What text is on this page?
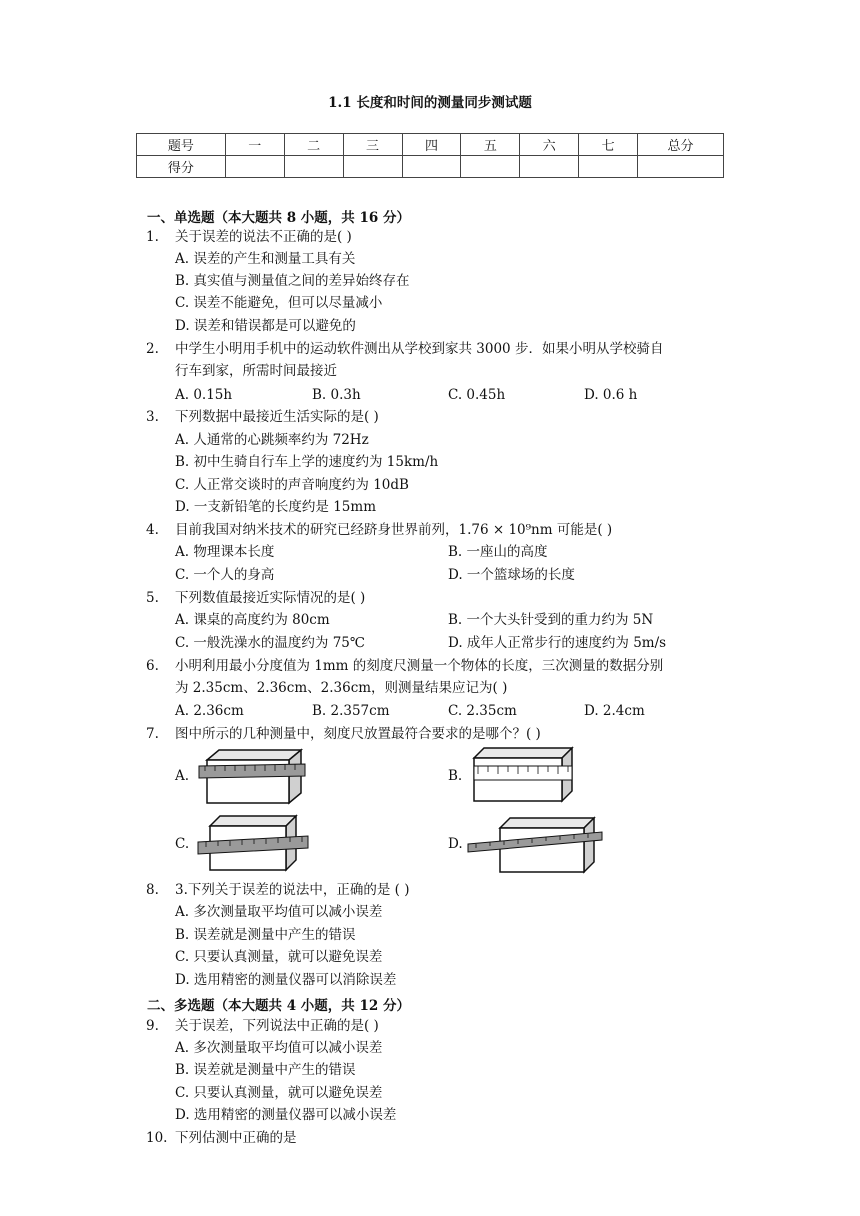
1.1 长度和时间的测量同步测试题
题号	一	二	三	四	五	六	七	总分
得分								
一、单选题（本大题共 8 小题，共 16 分）
1. 关于误差的说法不正确的是( )
A. 误差的产生和测量工具有关
B. 真实值与测量值之间的差异始终存在
C. 误差不能避免，但可以尽量减小
D. 误差和错误都是可以避免的
2. 中学生小明用手机中的运动软件测出从学校到家共 3000 步．如果小明从学校骑自
行车到家，所需时间最接近
A. 0.15h	B. 0.3h	C. 0.45h	D. 0.6 h
3. 下列数据中最接近生活实际的是( )
A. 人通常的心跳频率约为 72Hz
B. 初中生骑自行车上学的速度约为 15km/h
C. 人正常交谈时的声音响度约为 10dB
D. 一支新铅笔的长度约是 15mm
4. 目前我国对纳米技术的研究已经跻身世界前列，1.76 × 10⁹nm 可能是( )
A. 物理课本长度	B. 一座山的高度
C. 一个人的身高	D. 一个篮球场的长度
5. 下列数值最接近实际情况的是( )
A. 课桌的高度约为 80cm	B. 一个大头针受到的重力约为 5N
C. 一般洗澡水的温度约为 75℃	D. 成年人正常步行的速度约为 5m/s
6. 小明利用最小分度值为 1mm 的刻度尺测量一个物体的长度，三次测量的数据分别
为 2.35cm、2.36cm、2.36cm，则测量结果应记为( )
A. 2.36cm	B. 2.357cm	C. 2.35cm	D. 2.4cm
7. 图中所示的几种测量中，刻度尺放置最符合要求的是哪个？( )
A.	B.
C.	D.
8. 3.下列关于误差的说法中，正确的是 ( )
A. 多次测量取平均值可以减小误差
B. 误差就是测量中产生的错误
C. 只要认真测量，就可以避免误差
D. 选用精密的测量仪器可以消除误差
二、多选题（本大题共 4 小题，共 12 分）
9. 关于误差，下列说法中正确的是( )
A. 多次测量取平均值可以减小误差
B. 误差就是测量中产生的错误
C. 只要认真测量，就可以避免误差
D. 选用精密的测量仪器可以减小误差
10. 下列估测中正确的是
